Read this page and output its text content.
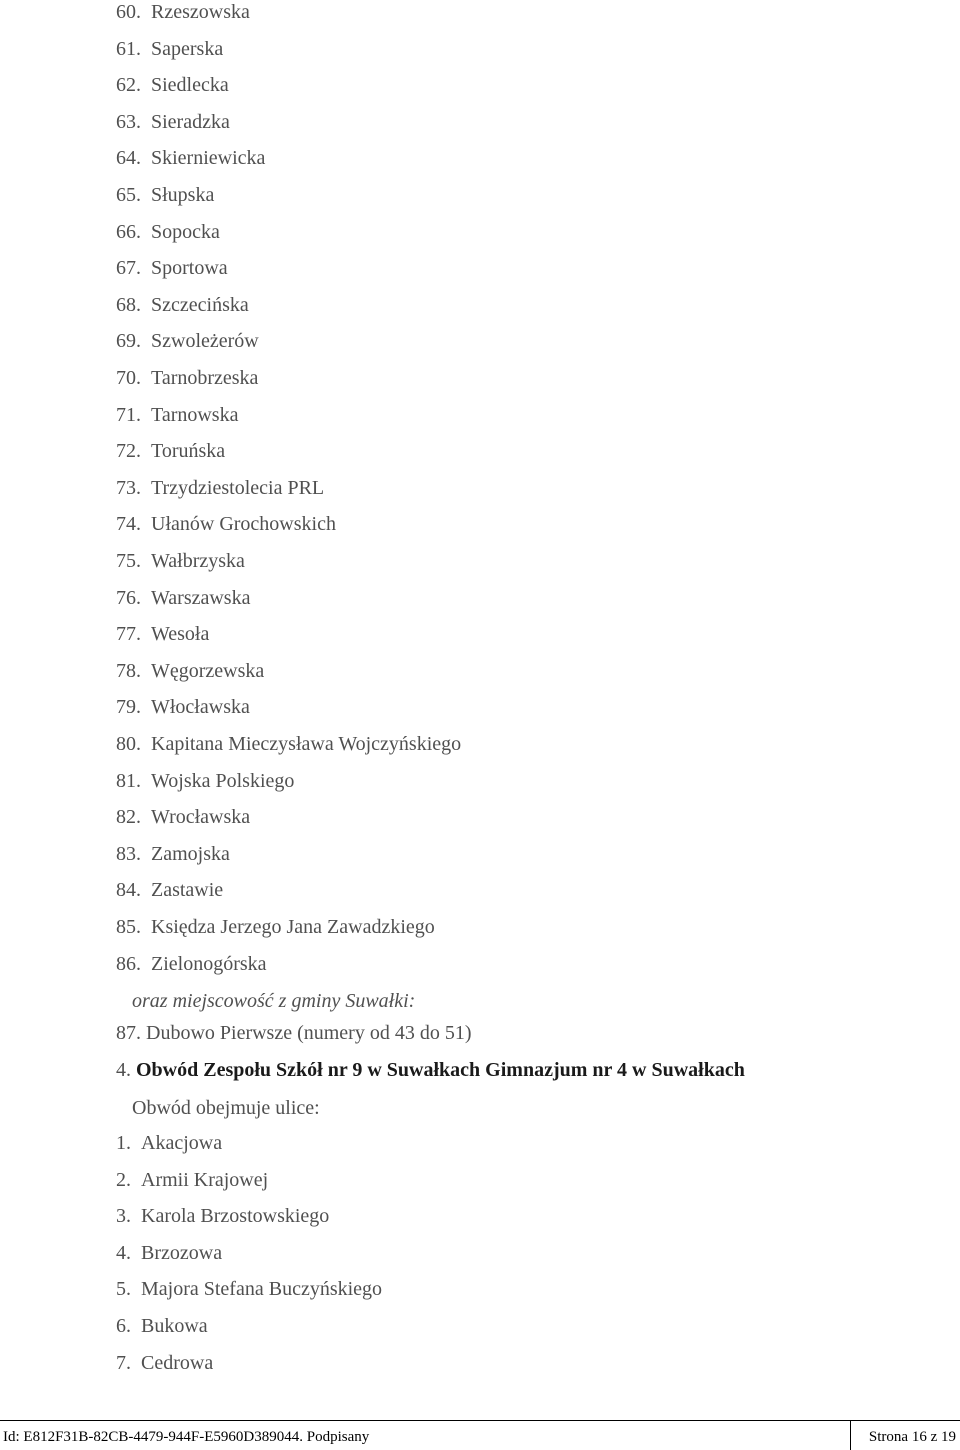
60. Rzeszowska
61. Saperska
62. Siedlecka
63. Sieradzka
64. Skierniewicka
65. Słupska
66. Sopocka
67. Sportowa
68. Szczecińska
69. Szwoleżerów
70. Tarnobrzeska
71. Tarnowska
72. Toruńska
73. Trzydziestolecia PRL
74. Ułanów Grochowskich
75. Wałbrzyska
76. Warszawska
77. Wesoła
78. Węgorzewska
79. Włocławska
80. Kapitana Mieczysława Wojczyńskiego
81. Wojska Polskiego
82. Wrocławska
83. Zamojska
84. Zastawie
85. Księdza Jerzego Jana Zawadzkiego
86. Zielonogórska
oraz miejscowość z gminy Suwałki:
87. Dubowo Pierwsze (numery od 43 do 51)
4. Obwód Zespołu Szkół nr 9 w Suwałkach Gimnazjum nr 4 w Suwałkach
Obwód obejmuje ulice:
1. Akacjowa
2. Armii Krajowej
3. Karola Brzostowskiego
4. Brzozowa
5. Majora Stefana Buczyńskiego
6. Bukowa
7. Cedrowa
Id: E812F31B-82CB-4479-944F-E5960D389044. Podpisany	Strona 16 z 19
